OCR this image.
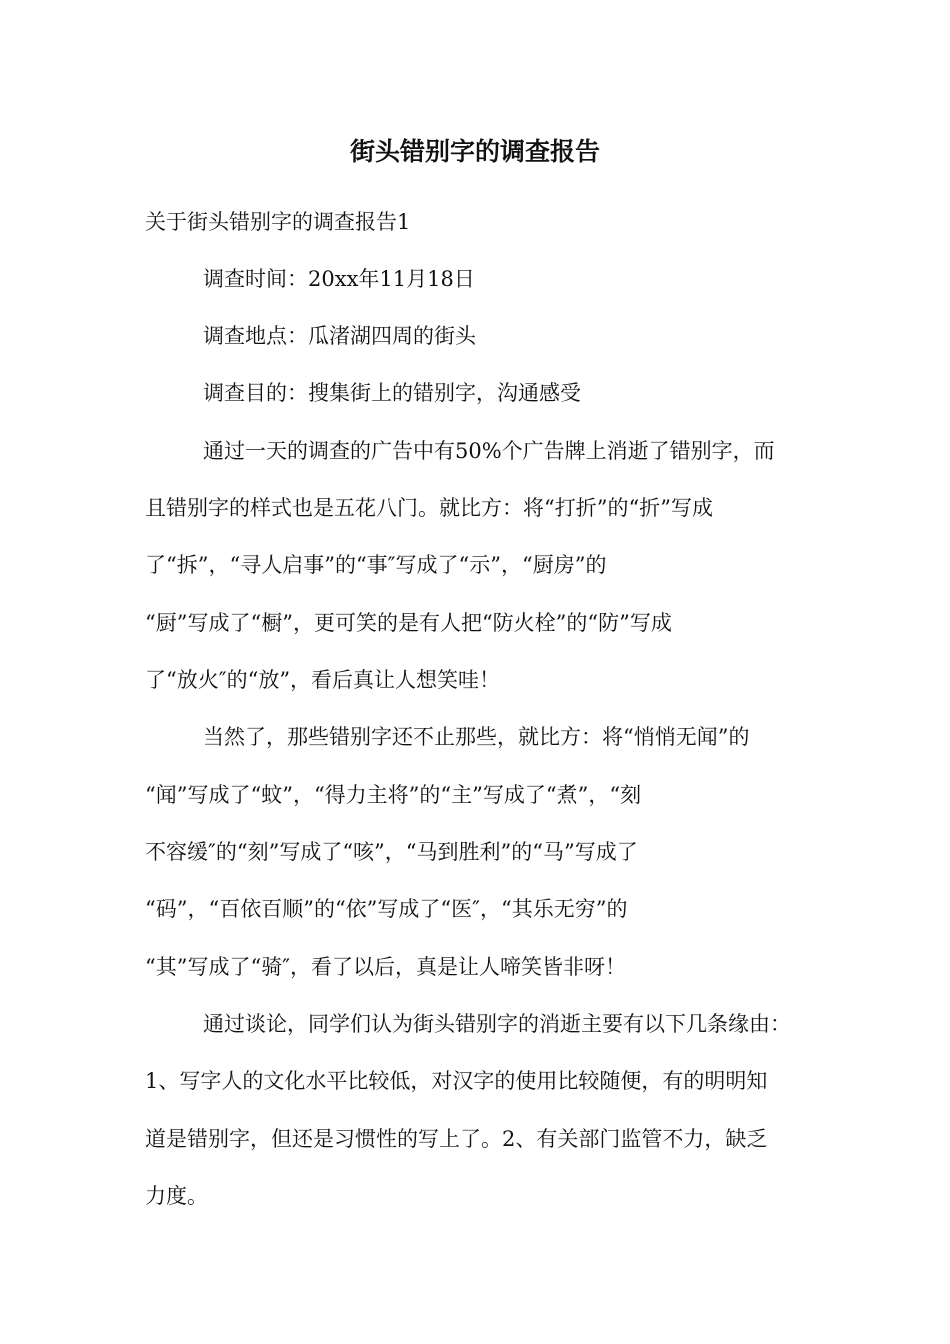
街头错别字的调查报告

关于街头错别字的调查报告1

调查时间：20xx年11月18日

调查地点：瓜渚湖四周的街头

调查目的：搜集街上的错别字，沟通感受

通过一天的调查的广告中有50%个广告牌上消逝了错别字，而

且错别字的样式也是五花八门。就比方：将“打折”的“折”写成

了“拆”，“寻人启事”的“事″写成了“示”，“厨房”的

“厨”写成了“橱”，更可笑的是有人把“防火栓”的“防”写成

了“放火″的“放”，看后真让人想笑哇！

当然了，那些错别字还不止那些，就比方：将“悄悄无闻”的

“闻”写成了“蚊”，“得力主将”的“主”写成了“煮”，“刻

不容缓″的“刻”写成了“咳”，“马到胜利”的“马”写成了

“码”，“百依百顺”的“依”写成了“医″，“其乐无穷”的

“其”写成了“骑″，看了以后，真是让人啼笑皆非呀！

通过谈论，同学们认为街头错别字的消逝主要有以下几条缘由：

1、写字人的文化水平比较低，对汉字的使用比较随便，有的明明知

道是错别字，但还是习惯性的写上了。2、有关部门监管不力，缺乏

力度。
